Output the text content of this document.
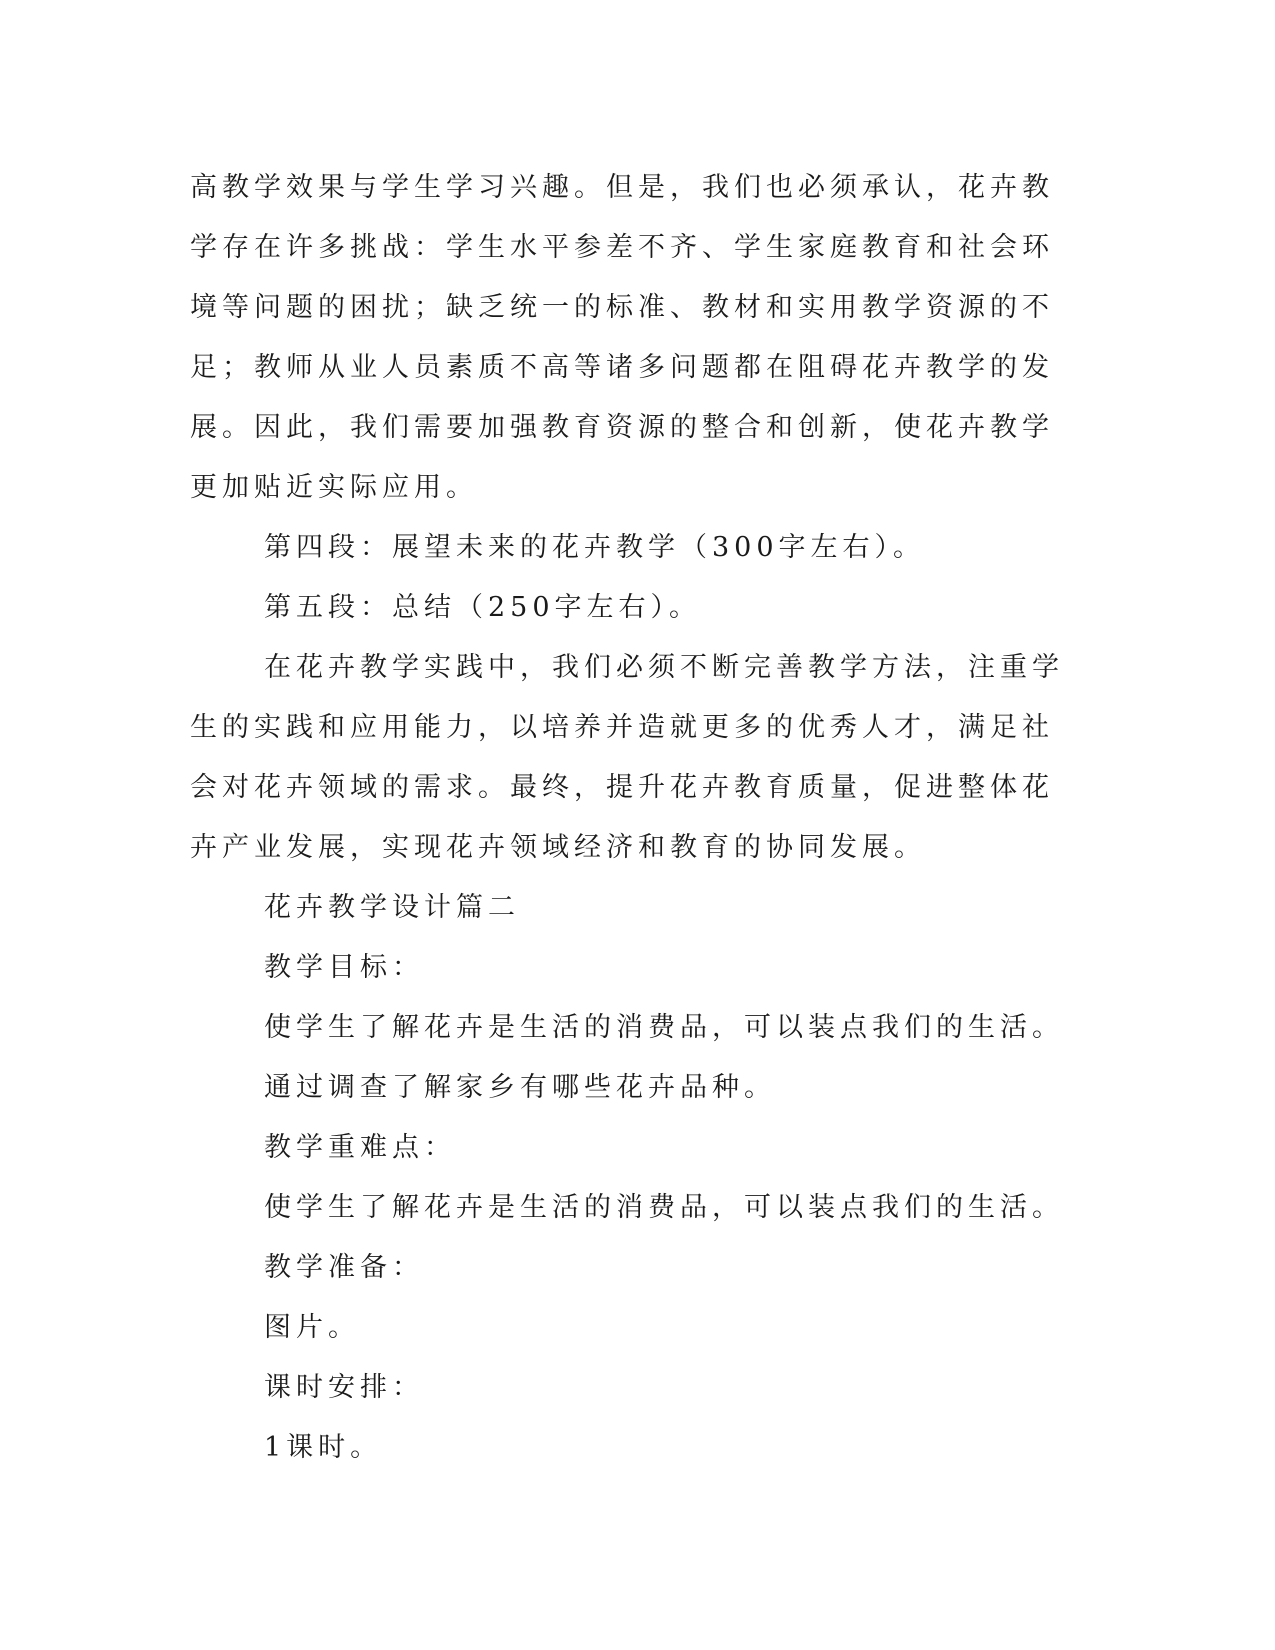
高教学效果与学生学习兴趣。但是，我们也必须承认，花卉教学存在许多挑战：学生水平参差不齐、学生家庭教育和社会环境等问题的困扰；缺乏统一的标准、教材和实用教学资源的不足；教师从业人员素质不高等诸多问题都在阻碍花卉教学的发展。因此，我们需要加强教育资源的整合和创新，使花卉教学更加贴近实际应用。

第四段：展望未来的花卉教学（300字左右）。

第五段：总结（250字左右）。

在花卉教学实践中，我们必须不断完善教学方法，注重学生的实践和应用能力，以培养并造就更多的优秀人才，满足社会对花卉领域的需求。最终，提升花卉教育质量，促进整体花卉产业发展，实现花卉领域经济和教育的协同发展。

花卉教学设计篇二

教学目标：

使学生了解花卉是生活的消费品，可以装点我们的生活。

通过调查了解家乡有哪些花卉品种。

教学重难点：

使学生了解花卉是生活的消费品，可以装点我们的生活。

教学准备：

图片。

课时安排：

1课时。
